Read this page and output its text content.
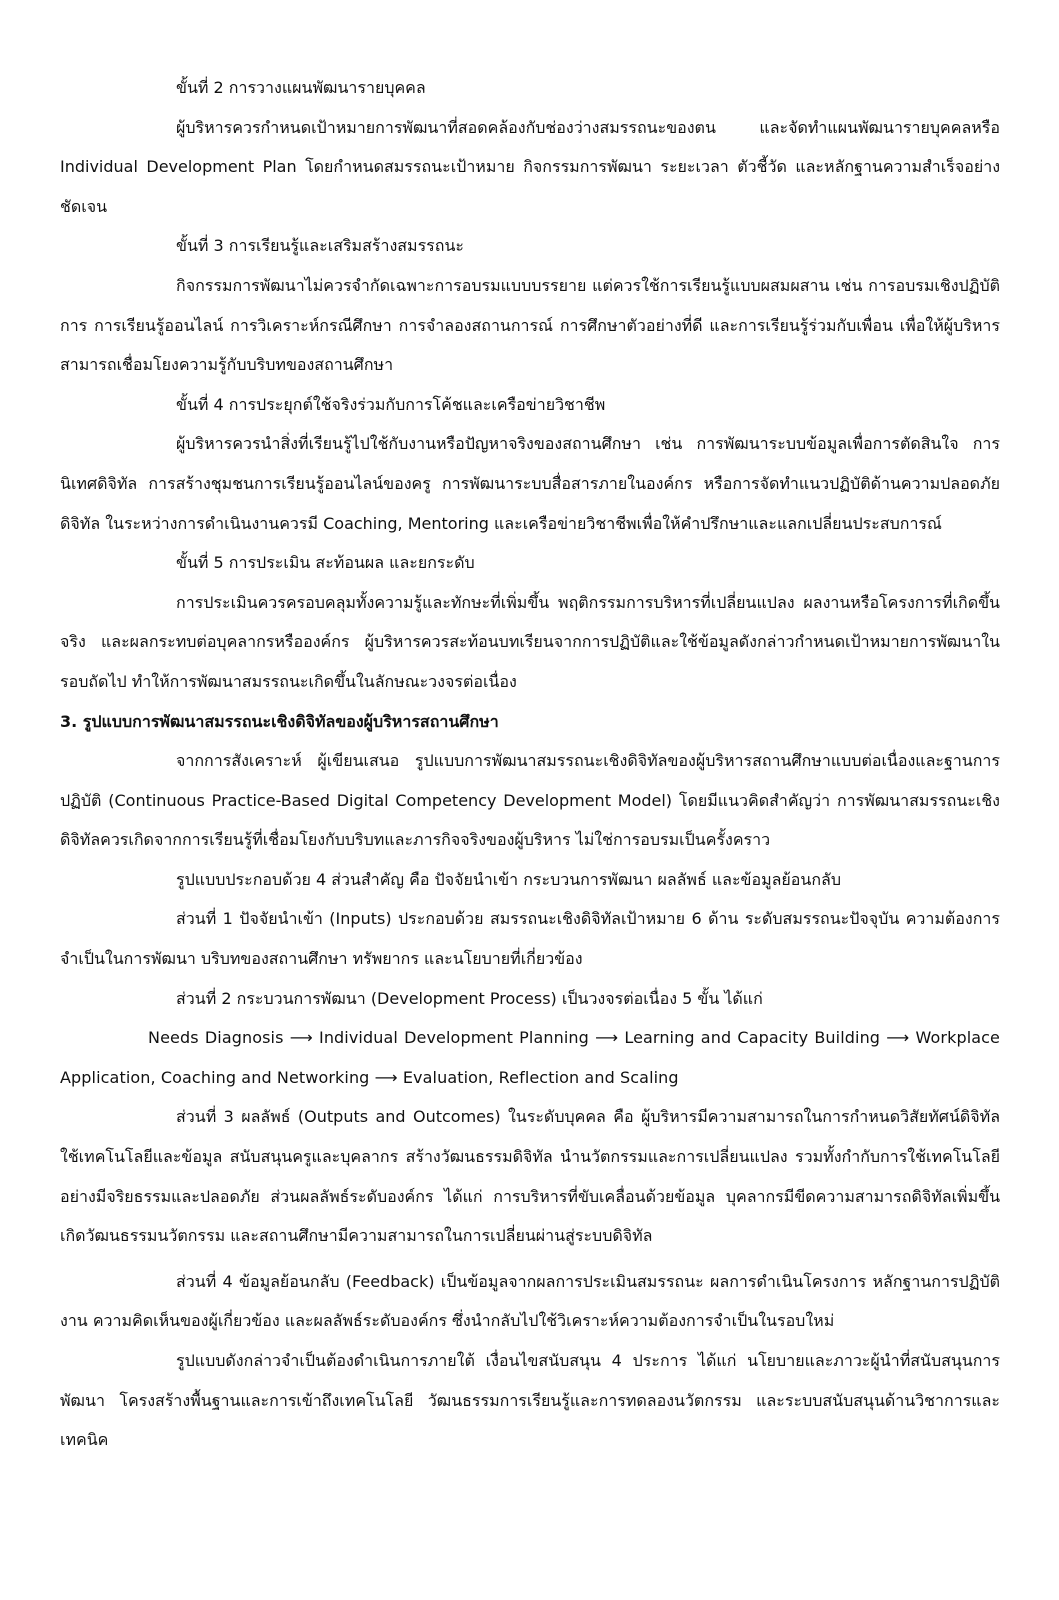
ขั้นที่ 2 การวางแผนพัฒนารายบุคคล

ผู้บริหารควรกำหนดเป้าหมายการพัฒนาที่สอดคล้องกับช่องว่างสมรรถนะของตน และจัดทำแผนพัฒนารายบุคคลหรือ Individual Development Plan โดยกำหนดสมรรถนะเป้าหมาย กิจกรรมการพัฒนา ระยะเวลา ตัวชี้วัด และหลักฐานความสำเร็จอย่างชัดเจน

ขั้นที่ 3 การเรียนรู้และเสริมสร้างสมรรถนะ

กิจกรรมการพัฒนาไม่ควรจำกัดเฉพาะการอบรมแบบบรรยาย แต่ควรใช้การเรียนรู้แบบผสมผสาน เช่น การอบรมเชิงปฏิบัติการ การเรียนรู้ออนไลน์ การวิเคราะห์กรณีศึกษา การจำลองสถานการณ์ การศึกษาตัวอย่างที่ดี และการเรียนรู้ร่วมกับเพื่อน เพื่อให้ผู้บริหารสามารถเชื่อมโยงความรู้กับบริบทของสถานศึกษา

ขั้นที่ 4 การประยุกต์ใช้จริงร่วมกับการโค้ชและเครือข่ายวิชาชีพ

ผู้บริหารควรนำสิ่งที่เรียนรู้ไปใช้กับงานหรือปัญหาจริงของสถานศึกษา เช่น การพัฒนาระบบข้อมูลเพื่อการตัดสินใจ การนิเทศดิจิทัล การสร้างชุมชนการเรียนรู้ออนไลน์ของครู การพัฒนาระบบสื่อสารภายในองค์กร หรือการจัดทำแนวปฏิบัติด้านความปลอดภัยดิจิทัล ในระหว่างการดำเนินงานควรมี Coaching, Mentoring และเครือข่ายวิชาชีพเพื่อให้คำปรึกษาและแลกเปลี่ยนประสบการณ์

ขั้นที่ 5 การประเมิน สะท้อนผล และยกระดับ

การประเมินควรครอบคลุมทั้งความรู้และทักษะที่เพิ่มขึ้น พฤติกรรมการบริหารที่เปลี่ยนแปลง ผลงานหรือโครงการที่เกิดขึ้นจริง และผลกระทบต่อบุคลากรหรือองค์กร ผู้บริหารควรสะท้อนบทเรียนจากการปฏิบัติและใช้ข้อมูลดังกล่าวกำหนดเป้าหมายการพัฒนาในรอบถัดไป ทำให้การพัฒนาสมรรถนะเกิดขึ้นในลักษณะวงจรต่อเนื่อง

3. รูปแบบการพัฒนาสมรรถนะเชิงดิจิทัลของผู้บริหารสถานศึกษา

จากการสังเคราะห์ ผู้เขียนเสนอ รูปแบบการพัฒนาสมรรถนะเชิงดิจิทัลของผู้บริหารสถานศึกษาแบบต่อเนื่องและฐานการปฏิบัติ (Continuous Practice-Based Digital Competency Development Model) โดยมีแนวคิดสำคัญว่า การพัฒนาสมรรถนะเชิงดิจิทัลควรเกิดจากการเรียนรู้ที่เชื่อมโยงกับบริบทและภารกิจจริงของผู้บริหาร ไม่ใช่การอบรมเป็นครั้งคราว

รูปแบบประกอบด้วย 4 ส่วนสำคัญ คือ ปัจจัยนำเข้า กระบวนการพัฒนา ผลลัพธ์ และข้อมูลย้อนกลับ

ส่วนที่ 1 ปัจจัยนำเข้า (Inputs) ประกอบด้วย สมรรถนะเชิงดิจิทัลเป้าหมาย 6 ด้าน ระดับสมรรถนะปัจจุบัน ความต้องการจำเป็นในการพัฒนา บริบทของสถานศึกษา ทรัพยากร และนโยบายที่เกี่ยวข้อง

ส่วนที่ 2 กระบวนการพัฒนา (Development Process) เป็นวงจรต่อเนื่อง 5 ขั้น ได้แก่

Needs Diagnosis ⟶ Individual Development Planning ⟶ Learning and Capacity Building ⟶ Workplace Application, Coaching and Networking ⟶ Evaluation, Reflection and Scaling

ส่วนที่ 3 ผลลัพธ์ (Outputs and Outcomes) ในระดับบุคคล คือ ผู้บริหารมีความสามารถในการกำหนดวิสัยทัศน์ดิจิทัล ใช้เทคโนโลยีและข้อมูล สนับสนุนครูและบุคลากร สร้างวัฒนธรรมดิจิทัล นำนวัตกรรมและการเปลี่ยนแปลง รวมทั้งกำกับการใช้เทคโนโลยีอย่างมีจริยธรรมและปลอดภัย ส่วนผลลัพธ์ระดับองค์กร ได้แก่ การบริหารที่ขับเคลื่อนด้วยข้อมูล บุคลากรมีขีดความสามารถดิจิทัลเพิ่มขึ้น เกิดวัฒนธรรมนวัตกรรม และสถานศึกษามีความสามารถในการเปลี่ยนผ่านสู่ระบบดิจิทัล

ส่วนที่ 4 ข้อมูลย้อนกลับ (Feedback) เป็นข้อมูลจากผลการประเมินสมรรถนะ ผลการดำเนินโครงการ หลักฐานการปฏิบัติงาน ความคิดเห็นของผู้เกี่ยวข้อง และผลลัพธ์ระดับองค์กร ซึ่งนำกลับไปใช้วิเคราะห์ความต้องการจำเป็นในรอบใหม่

รูปแบบดังกล่าวจำเป็นต้องดำเนินการภายใต้ เงื่อนไขสนับสนุน 4 ประการ ได้แก่ นโยบายและภาวะผู้นำที่สนับสนุนการพัฒนา โครงสร้างพื้นฐานและการเข้าถึงเทคโนโลยี วัฒนธรรมการเรียนรู้และการทดลองนวัตกรรม และระบบสนับสนุนด้านวิชาการและเทคนิค
